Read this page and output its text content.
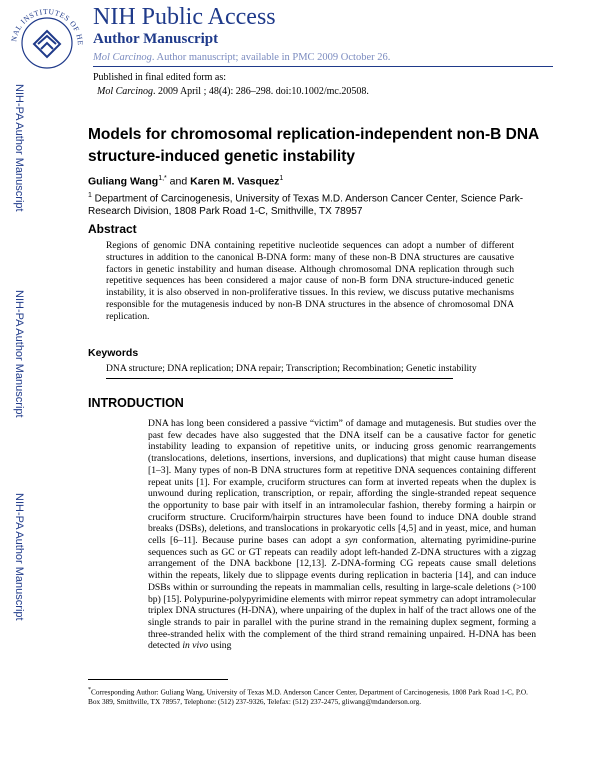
NAL INSTITUTES OF HE
NIH Public Access
Author Manuscript
Mol Carcinog. Author manuscript; available in PMC 2009 October 26.
Published in final edited form as:
Mol Carcinog. 2009 April ; 48(4): 286–298. doi:10.1002/mc.20508.
NIH-PA Author Manuscript
NIH-PA Author Manuscript
NIH-PA Author Manuscript
Models for chromosomal replication-independent non-B DNA structure-induced genetic instability
Guliang Wang$^{1,*}$ and Karen M. Vasquez$^1$
$^1$ Department of Carcinogenesis, University of Texas M.D. Anderson Cancer Center, Science Park-Research Division, 1808 Park Road 1-C, Smithville, TX 78957
Abstract
Regions of genomic DNA containing repetitive nucleotide sequences can adopt a number of different structures in addition to the canonical B-DNA form: many of these non-B DNA structures are causative factors in genetic instability and human disease. Although chromosomal DNA replication through such repetitive sequences has been considered a major cause of non-B form DNA structure-induced genetic instability, it is also observed in non-proliferative tissues. In this review, we discuss putative mechanisms responsible for the mutagenesis induced by non-B DNA structures in the absence of chromosomal DNA replication.
Keywords
DNA structure; DNA replication; DNA repair; Transcription; Recombination; Genetic instability
INTRODUCTION
DNA has long been considered a passive “victim” of damage and mutagenesis. But studies over the past few decades have also suggested that the DNA itself can be a causative factor for genetic instability leading to expansion of repetitive units, or inducing gross genomic rearrangements (translocations, deletions, insertions, inversions, and duplications) that might cause human disease [1–3]. Many types of non-B DNA structures form at repetitive DNA sequences containing different repeat units [1]. For example, cruciform structures can form at inverted repeats when the duplex is unwound during replication, transcription, or repair, affording the single-stranded repeat sequence the opportunity to base pair with itself in an intramolecular fashion, thereby forming a hairpin or cruciform structure. Cruciform/hairpin structures have been found to induce DNA double strand breaks (DSBs), deletions, and translocations in prokaryotic cells [4,5] and in yeast, mice, and human cells [6–11]. Because purine bases can adopt a syn conformation, alternating pyrimidine-purine sequences such as GC or GT repeats can readily adopt left-handed Z-DNA structures with a zigzag arrangement of the DNA backbone [12,13]. Z-DNA-forming CG repeats cause small deletions within the repeats, likely due to slippage events during replication in bacteria [14], and can induce DSBs within or surrounding the repeats in mammalian cells, resulting in large-scale deletions (>100 bp) [15]. Polypurine-polypyrimidine elements with mirror repeat symmetry can adopt intramolecular triplex DNA structures (H-DNA), where unpairing of the duplex in half of the tract allows one of the single strands to pair in parallel with the purine strand in the remaining duplex segment, forming a three-stranded helix with the complement of the third strand remaining unpaired. H-DNA has been detected in vivo using
*Corresponding Author: Guliang Wang, University of Texas M.D. Anderson Cancer Center, Department of Carcinogenesis, 1808 Park Road 1-C, P.O. Box 389, Smithville, TX 78957, Telephone: (512) 237-9326, Telefax: (512) 237-2475, gliwang@mdanderson.org.
